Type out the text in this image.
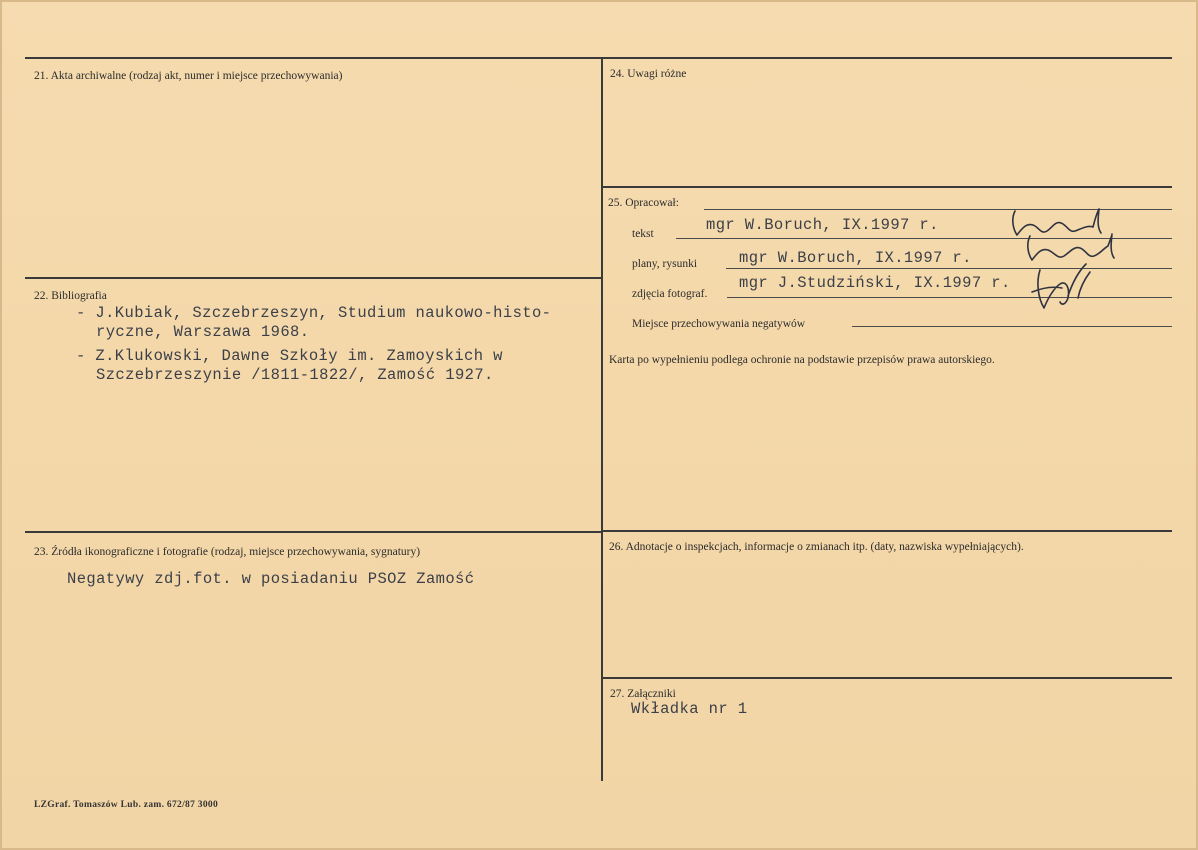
21. Akta archiwalne (rodzaj akt, numer i miejsce przechowywania)
22. Bibliografia
- J.Kubiak, Szczebrzeszyn, Studium naukowo-histo-
ryczne, Warszawa 1968.
- Z.Klukowski, Dawne Szkoły im. Zamoyskich w
Szczebrzeszynie /1811-1822/, Zamość 1927.
23. Źródła ikonograficzne i fotografie (rodzaj, miejsce przechowywania, sygnatury)
Negatywy zdj.fot. w posiadaniu PSOZ Zamość
24. Uwagi różne
25. Opracował:
tekst	mgr W.Boruch, IX.1997 r.
plany, rysunki	mgr W.Boruch, IX.1997 r.
zdjęcia fotograf.
mgr J.Studziński, IX.1997 r.
Miejsce przechowywania negatywów
Karta po wypełnieniu podlega ochronie na podstawie przepisów prawa autorskiego.
26. Adnotacje o inspekcjach, informacje o zmianach itp. (daty, nazwiska wypełniających).
27. Załączniki
Wkładka nr 1
LZGraf. Tomaszów Lub. zam. 672/87 3000
